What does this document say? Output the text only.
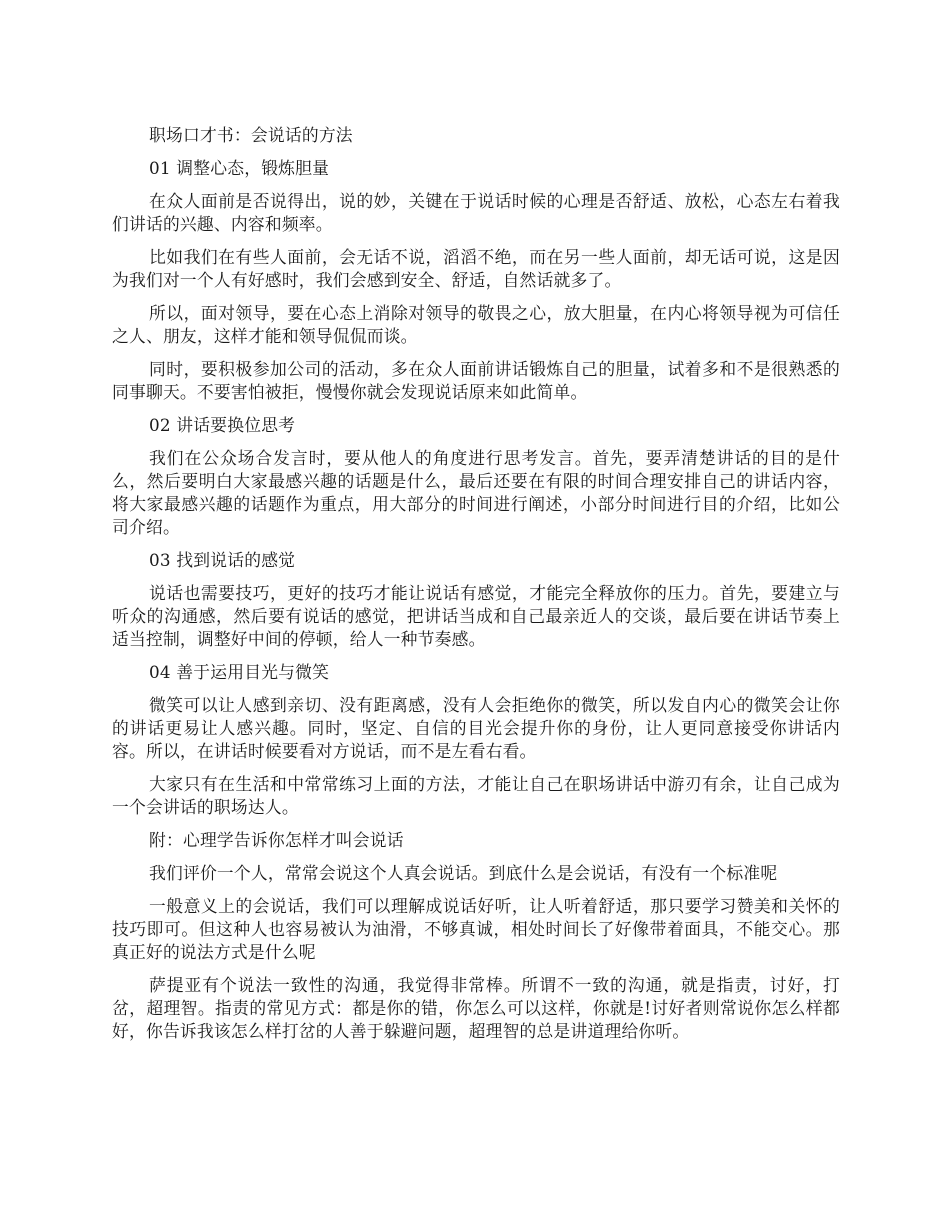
职场口才书：会说话的方法

01 调整心态，锻炼胆量

在众人面前是否说得出，说的妙，关键在于说话时候的心理是否舒适、放松，心态左右着我们讲话的兴趣、内容和频率。

比如我们在有些人面前，会无话不说，滔滔不绝，而在另一些人面前，却无话可说，这是因为我们对一个人有好感时，我们会感到安全、舒适，自然话就多了。

所以，面对领导，要在心态上消除对领导的敬畏之心，放大胆量，在内心将领导视为可信任之人、朋友，这样才能和领导侃侃而谈。

同时，要积极参加公司的活动，多在众人面前讲话锻炼自己的胆量，试着多和不是很熟悉的同事聊天。不要害怕被拒，慢慢你就会发现说话原来如此简单。

02 讲话要换位思考

我们在公众场合发言时，要从他人的角度进行思考发言。首先，要弄清楚讲话的目的是什么，然后要明白大家最感兴趣的话题是什么，最后还要在有限的时间合理安排自己的讲话内容，将大家最感兴趣的话题作为重点，用大部分的时间进行阐述，小部分时间进行目的介绍，比如公司介绍。

03 找到说话的感觉

说话也需要技巧，更好的技巧才能让说话有感觉，才能完全释放你的压力。首先，要建立与听众的沟通感，然后要有说话的感觉，把讲话当成和自己最亲近人的交谈，最后要在讲话节奏上适当控制，调整好中间的停顿，给人一种节奏感。

04 善于运用目光与微笑

微笑可以让人感到亲切、没有距离感，没有人会拒绝你的微笑，所以发自内心的微笑会让你的讲话更易让人感兴趣。同时，坚定、自信的目光会提升你的身份，让人更同意接受你讲话内容。所以，在讲话时候要看对方说话，而不是左看右看。

大家只有在生活和中常常练习上面的方法，才能让自己在职场讲话中游刃有余，让自己成为一个会讲话的职场达人。

附：心理学告诉你怎样才叫会说话

我们评价一个人，常常会说这个人真会说话。到底什么是会说话，有没有一个标准呢

一般意义上的会说话，我们可以理解成说话好听，让人听着舒适，那只要学习赞美和关怀的技巧即可。但这种人也容易被认为油滑，不够真诚，相处时间长了好像带着面具，不能交心。那真正好的说法方式是什么呢

萨提亚有个说法一致性的沟通，我觉得非常棒。所谓不一致的沟通，就是指责，讨好，打岔，超理智。指责的常见方式：都是你的错，你怎么可以这样，你就是!讨好者则常说你怎么样都好，你告诉我该怎么样打岔的人善于躲避问题，超理智的总是讲道理给你听。
